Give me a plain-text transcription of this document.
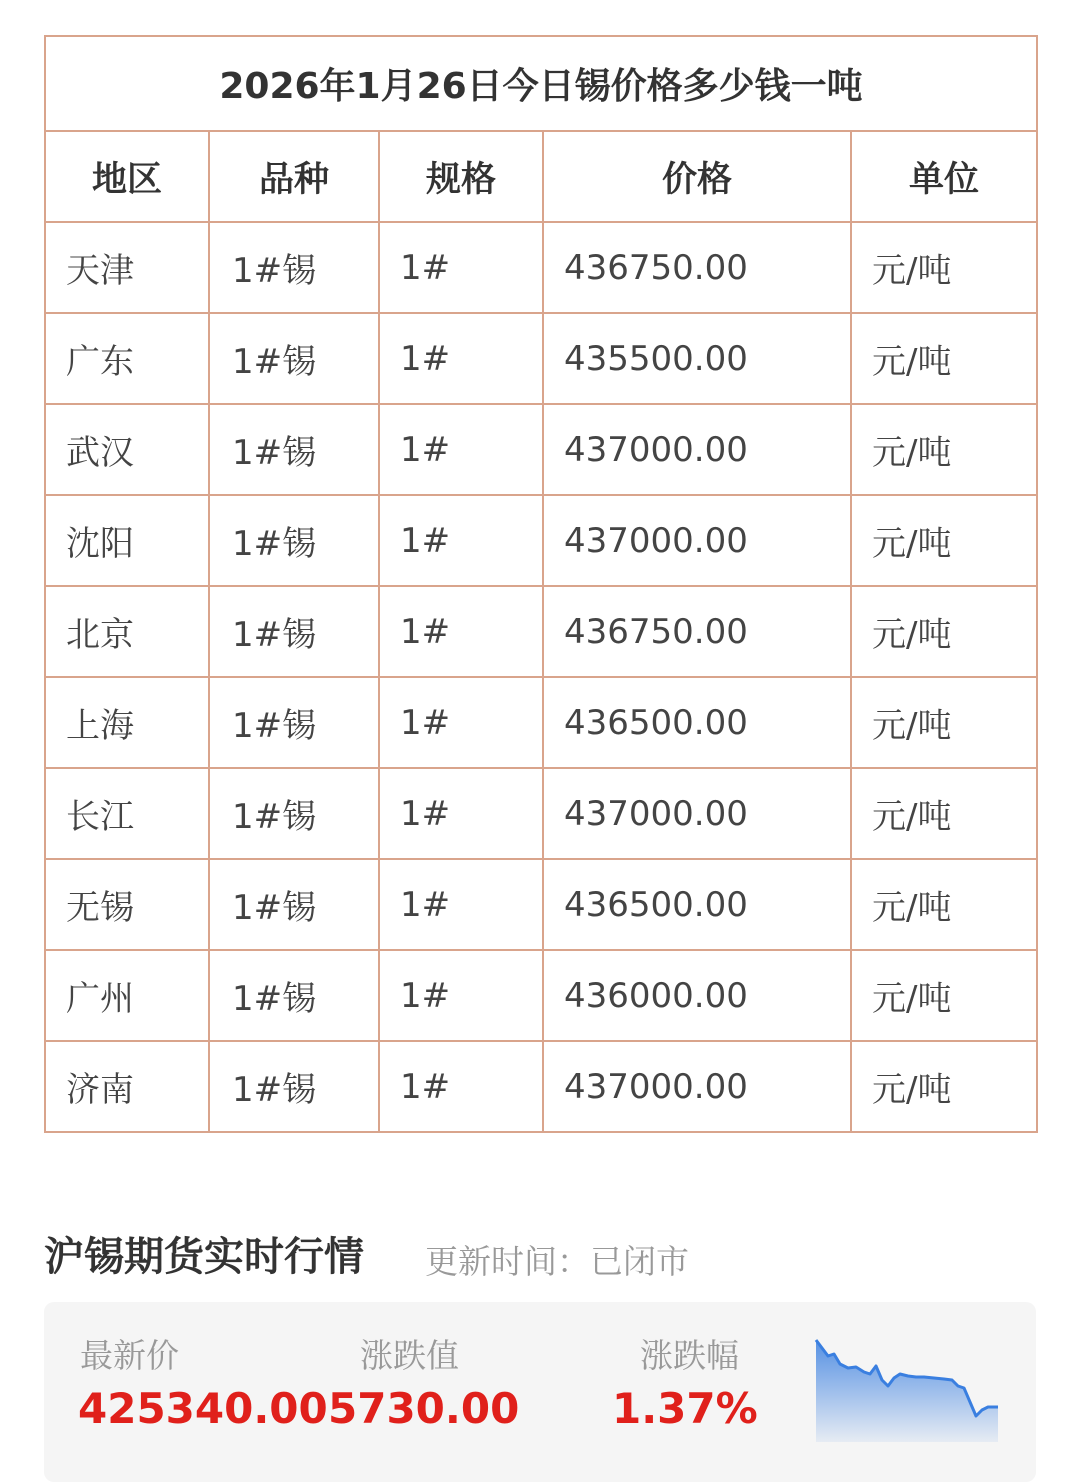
2026年1月26日今日锡价格多少钱一吨				
地区	品种	规格	价格	单位
天津	1#锡	1#	436750.00	元/吨
广东	1#锡	1#	435500.00	元/吨
武汉	1#锡	1#	437000.00	元/吨
沈阳	1#锡	1#	437000.00	元/吨
北京	1#锡	1#	436750.00	元/吨
上海	1#锡	1#	436500.00	元/吨
长江	1#锡	1#	437000.00	元/吨
无锡	1#锡	1#	436500.00	元/吨
广州	1#锡	1#	436000.00	元/吨
济南	1#锡	1#	437000.00	元/吨
沪锡期货实时行情 更新时间：已闭市
最新价
425340.00
涨跌值
5730.00
涨跌幅
1.37%
